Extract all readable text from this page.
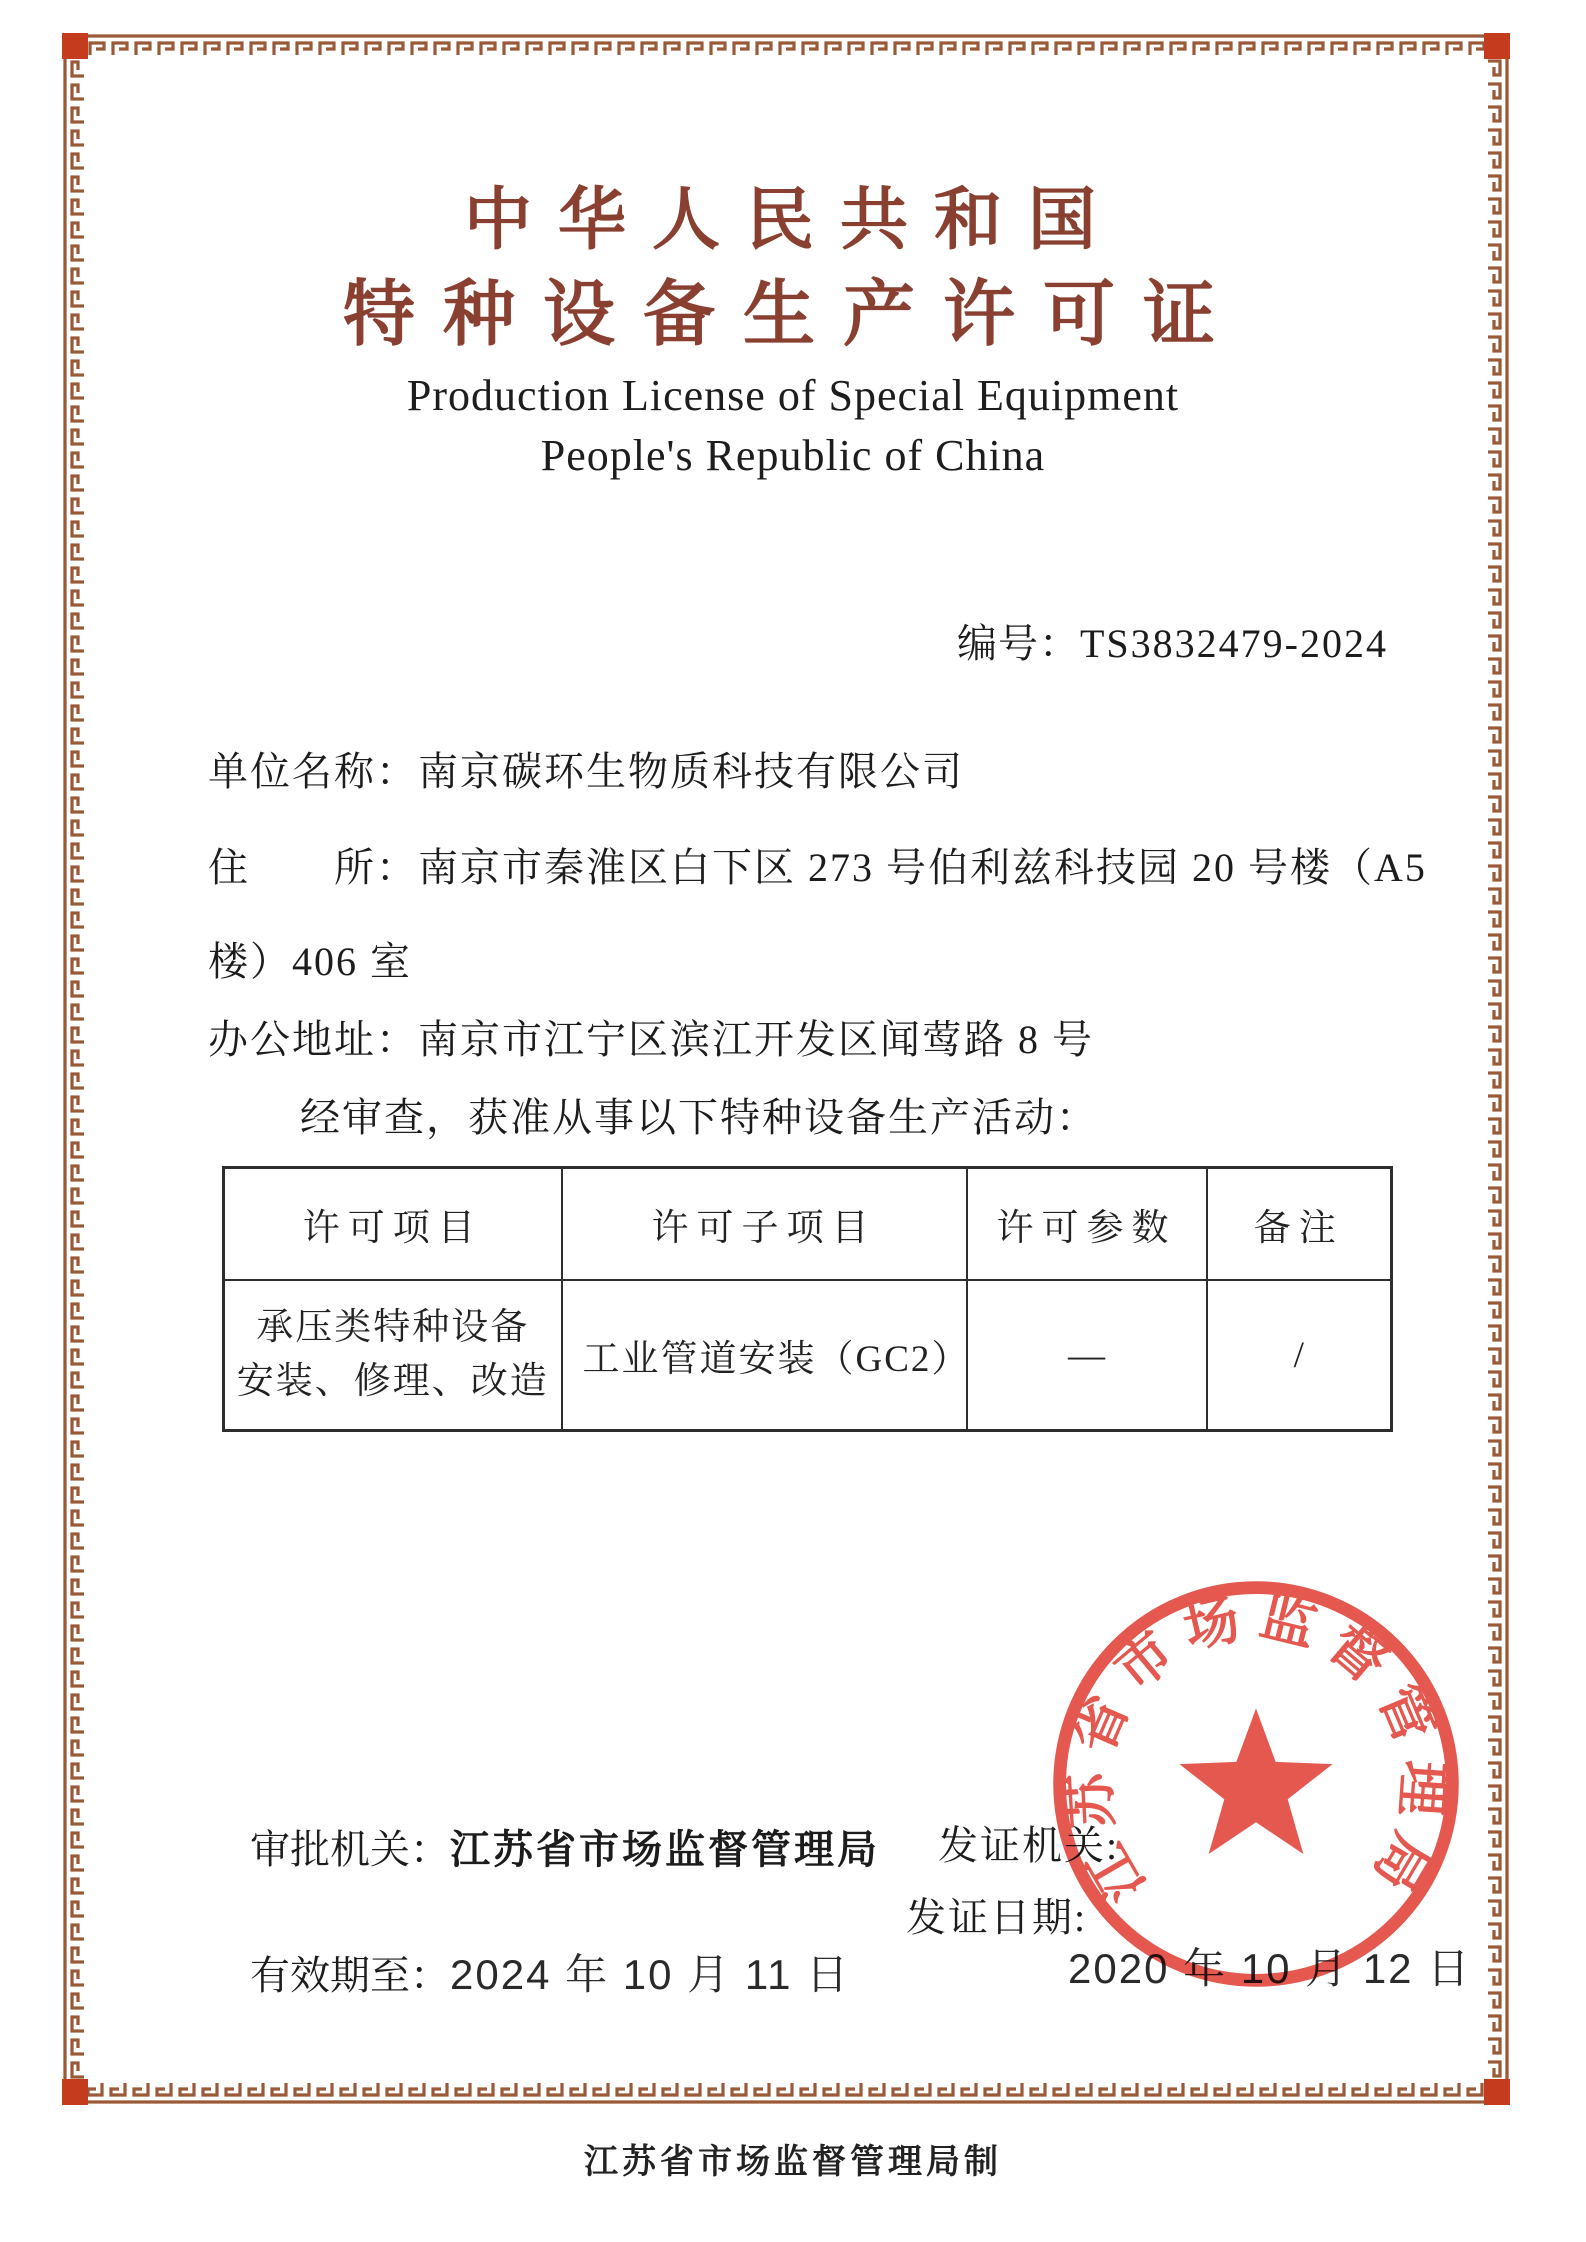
中华人民共和国
特种设备生产许可证
Production License of Special Equipment
People's Republic of China
编号：TS3832479-2024
单位名称：南京碳环生物质科技有限公司
住　　所：南京市秦淮区白下区 273 号伯利兹科技园 20 号楼（A5
楼）406 室
办公地址：南京市江宁区滨江开发区闻莺路 8 号
经审查，获准从事以下特种设备生产活动：
许可项目	许可子项目	许可参数	备注

承压类特种设备
安装、修理、改造	工业管道安装（GC2）	—	/
审批机关：江苏省市场监督管理局 发证机关:
发证日期:
有效期至：2024 年 10 月 11 日	2020 年 10 月 12 日
江苏省市场监督管理局
江苏省市场监督管理局制
